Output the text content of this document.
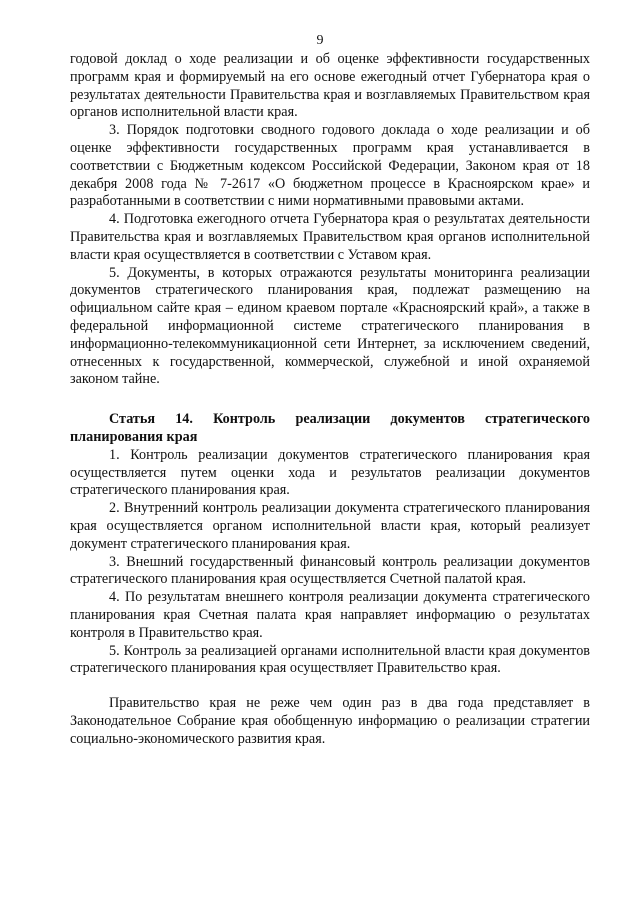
9

годовой доклад о ходе реализации и об оценке эффективности государственных программ края и формируемый на его основе ежегодный отчет Губернатора края о результатах деятельности Правительства края и возглавляемых Правительством края органов исполнительной власти края.

3. Порядок подготовки сводного годового доклада о ходе реализации и об оценке эффективности государственных программ края устанавливается в соответствии с Бюджетным кодексом Российской Федерации, Законом края от 18 декабря 2008 года № 7-2617 «О бюджетном процессе в Красноярском крае» и разработанными в соответствии с ними нормативными правовыми актами.

4. Подготовка ежегодного отчета Губернатора края о результатах деятельности Правительства края и возглавляемых Правительством края органов исполнительной власти края осуществляется в соответствии с Уставом края.

5. Документы, в которых отражаются результаты мониторинга реализации документов стратегического планирования края, подлежат размещению на официальном сайте края – едином краевом портале «Красноярский край», а также в федеральной информационной системе стратегического планирования в информационно-телекоммуникационной сети Интернет, за исключением сведений, отнесенных к государственной, коммерческой, служебной и иной охраняемой законом тайне.

Статья 14. Контроль реализации документов стратегического планирования края

1. Контроль реализации документов стратегического планирования края осуществляется путем оценки хода и результатов реализации документов стратегического планирования края.

2. Внутренний контроль реализации документа стратегического планирования края осуществляется органом исполнительной власти края, который реализует документ стратегического планирования края.

3. Внешний государственный финансовый контроль реализации документов стратегического планирования края осуществляется Счетной палатой края.

4. По результатам внешнего контроля реализации документа стратегического планирования края Счетная палата края направляет информацию о результатах контроля в Правительство края.

5. Контроль за реализацией органами исполнительной власти края документов стратегического планирования края осуществляет Правительство края.

Правительство края не реже чем один раз в два года представляет в Законодательное Собрание края обобщенную информацию о реализации стратегии социально-экономического развития края.
